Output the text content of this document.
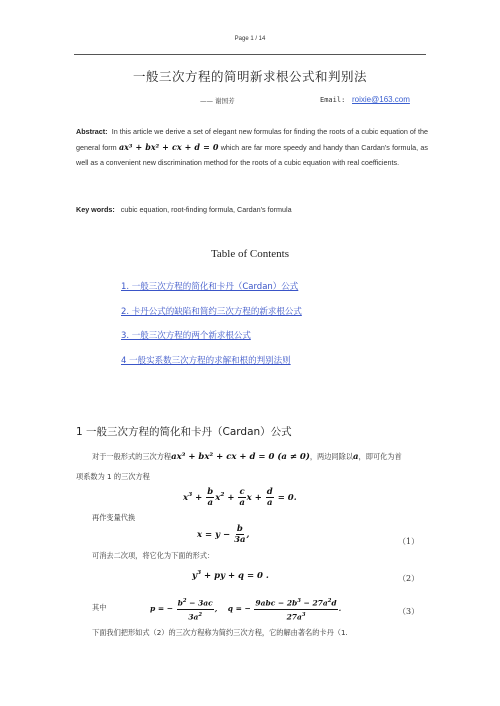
Page 1 / 14
一般三次方程的简明新求根公式和判别法
—— 谢国芳	Email: roixie@163.com
Abstract: In this article we derive a set of elegant new formulas for finding the roots of a cubic equation of the general form ax³ + bx² + cx + d = 0 which are far more speedy and handy than Cardan’s formula, as well as a convenient new discrimination method for the roots of a cubic equation with real coefficients.
Key words: cubic equation, root-finding formula, Cardan’s formula
Table of Contents
1. 一般三次方程的简化和卡丹（Cardan）公式
2. 卡丹公式的缺陷和简约三次方程的新求根公式
3. 一般三次方程的两个新求根公式
4 一般实系数三次方程的求解和根的判别法则
1 一般三次方程的简化和卡丹（Cardan）公式
对于一般形式的三次方程ax³ + bx² + cx + d = 0 (a ≠ 0)，两边同除以a，即可化为首
项系数为 1 的三次方程
$x^3 + \frac{b}{a} x^2 + \frac{c}{a}$ $x + \frac{d}{a} = 0$.
再作变量代换
$x = y - \frac{b}{3a}$ ,
（1）
可消去二次项，将它化为下面的形式：
$y^3$ + py + q = 0 .	（2）
其中	p = − $\frac{b^2 - 3ac}{3a^2}$ ,    q = − $\frac{9abc - 2b^3 - 27a^2d}{27a^3}$ .	（3）
下面我们把形如式（2）的三次方程称为简约三次方程，它的解由著名的卡丹（1.
